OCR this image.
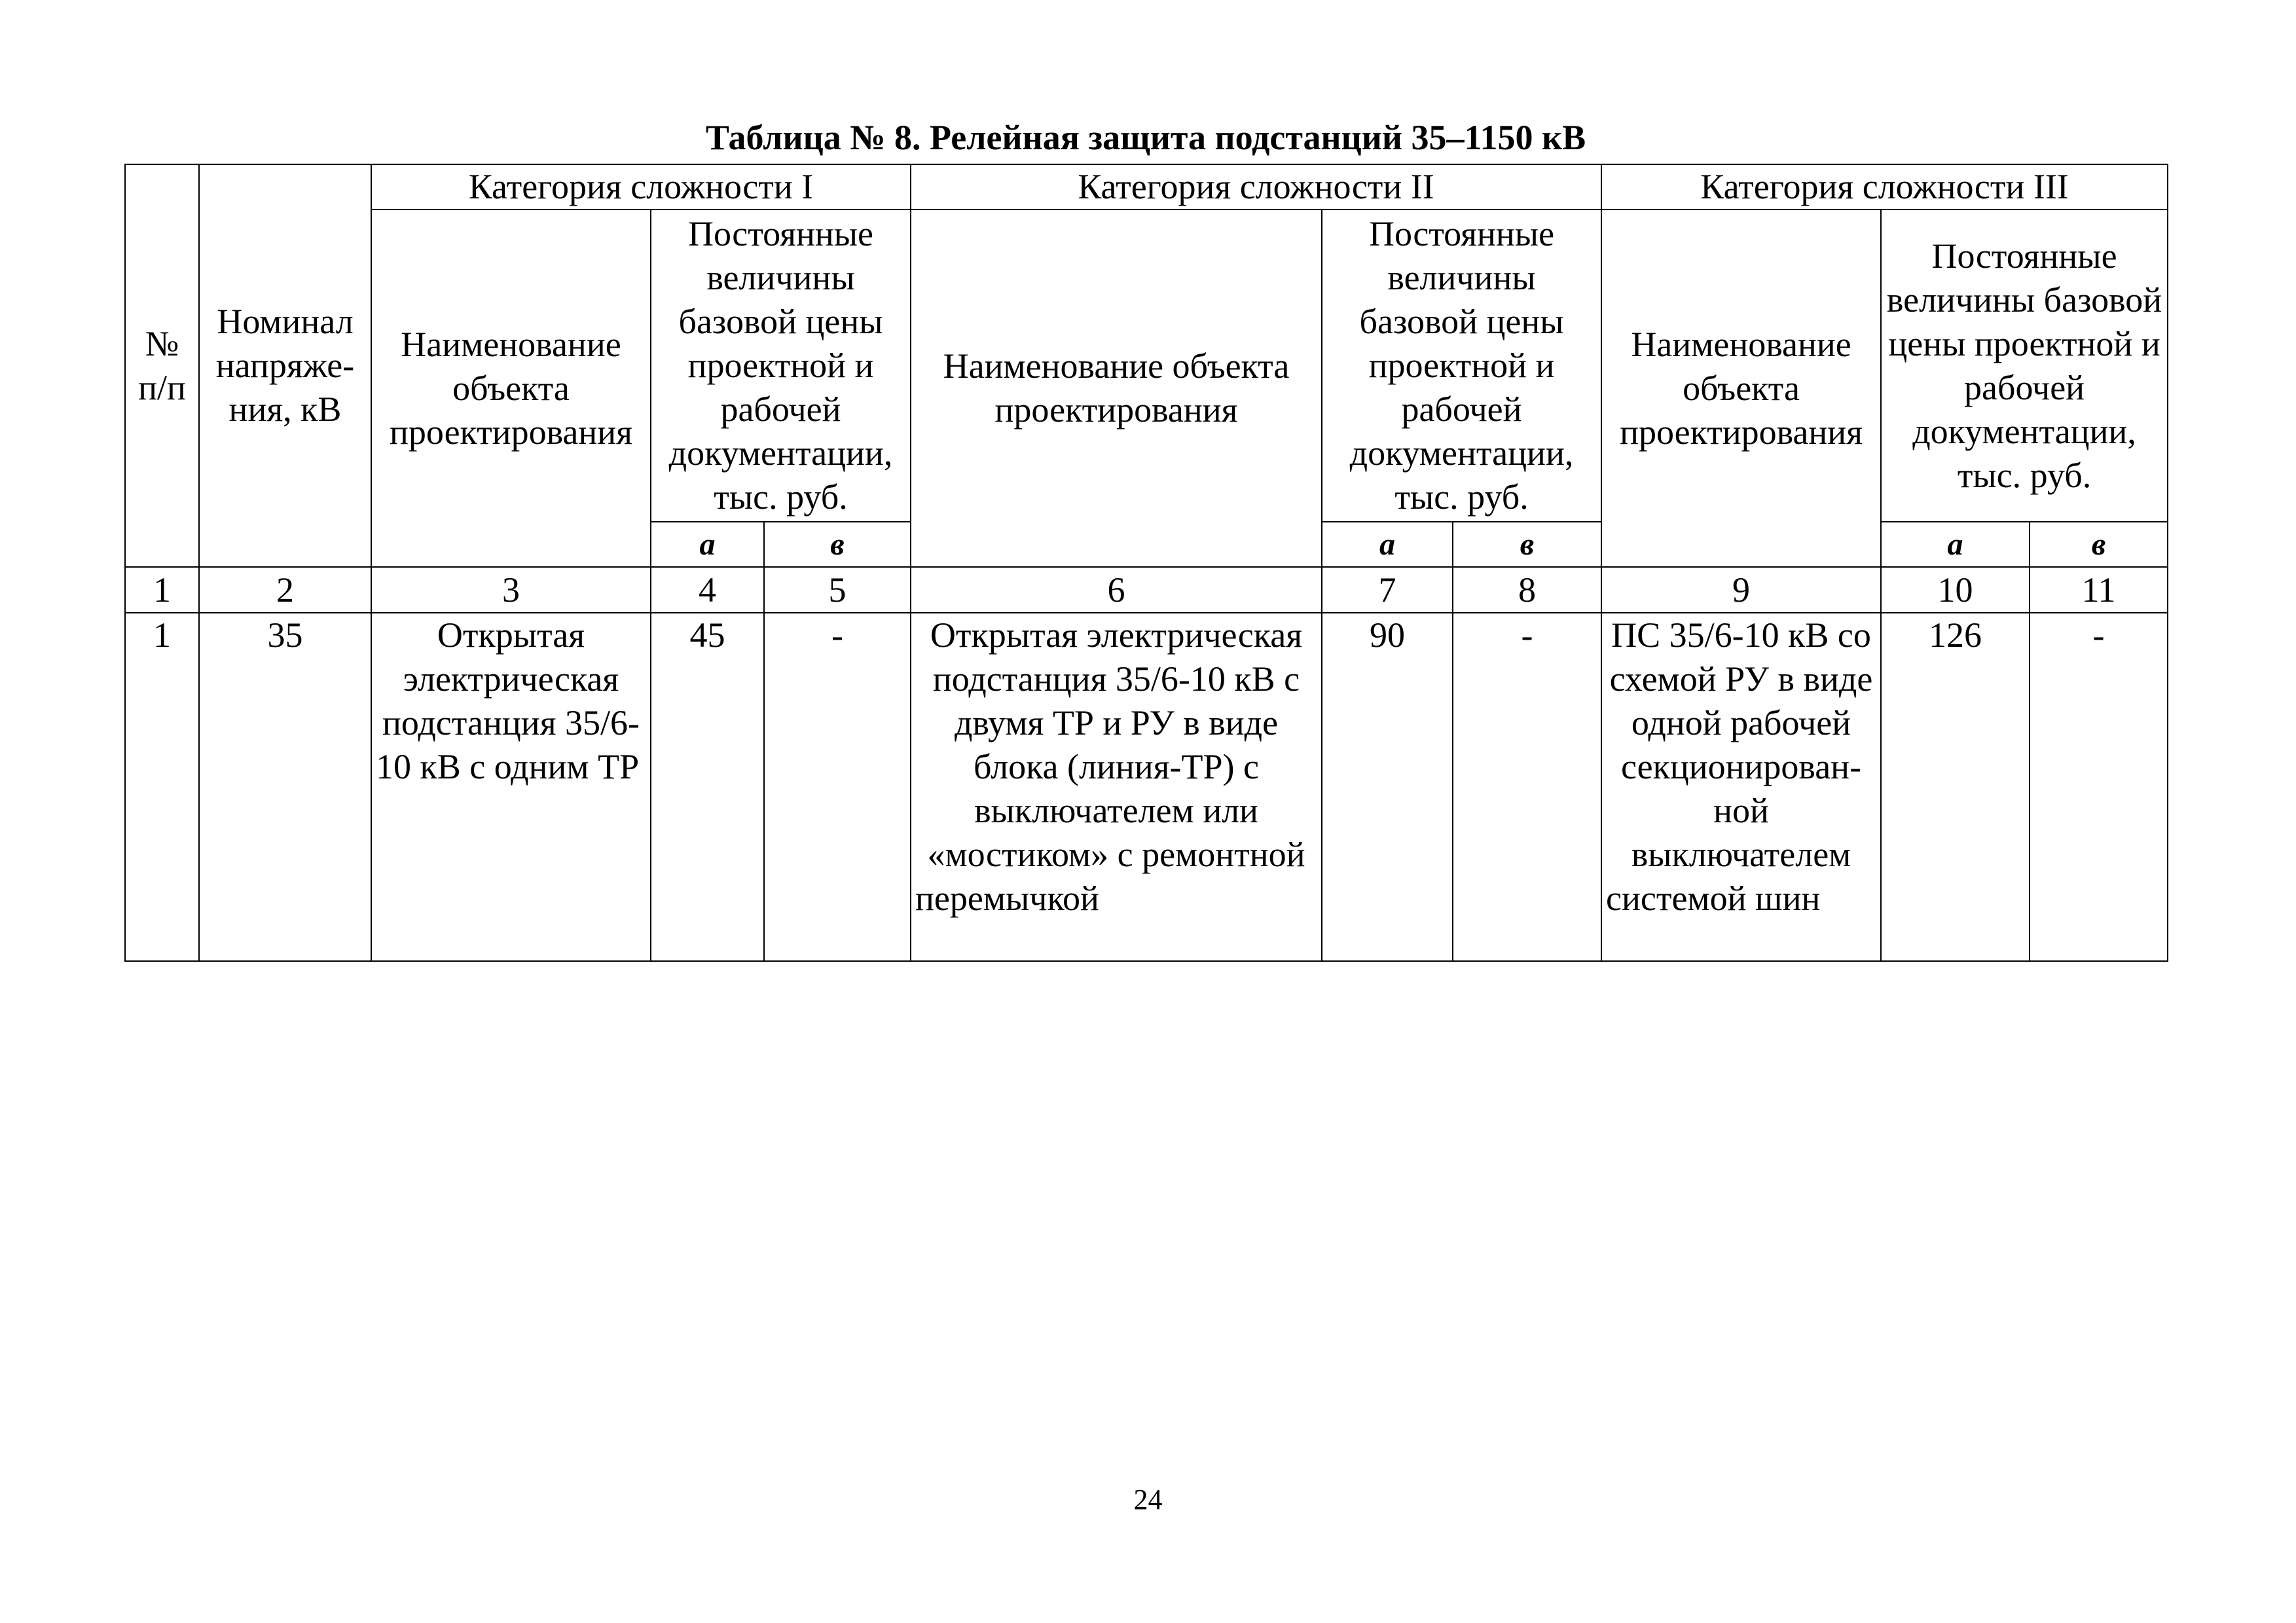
Таблица № 8. Релейная защита подстанций 35–1150 кВ
№ п/п	Номинал напряже-ния, кВ	Категория сложности I			Категория сложности II			Категория сложности III		
		Наименование объекта проектирования	Постоянные величины базовой цены проектной и рабочей документации, тыс. руб.		Наименование объекта проектирования	Постоянные величины базовой цены проектной и рабочей документации, тыс. руб.		Наименование объекта проектирования	Постоянные величины базовой цены проектной и рабочей документации, тыс. руб.	
			а	в		а	в		а	в
1	2	3	4	5	6	7	8	9	10	11
1	35	Открытая электрическая подстанция 35/6-10 кВ с одним ТР	45	-	Открытая электрическая подстанция 35/6-10 кВ с двумя ТР и РУ в виде блока (линия-ТР) с выключателем или «мостиком» с ремонтной перемычкой	90	-	ПС 35/6-10 кВ со схемой РУ в виде одной рабочей секционирован-ной выключателем системой шин	126	-
24
